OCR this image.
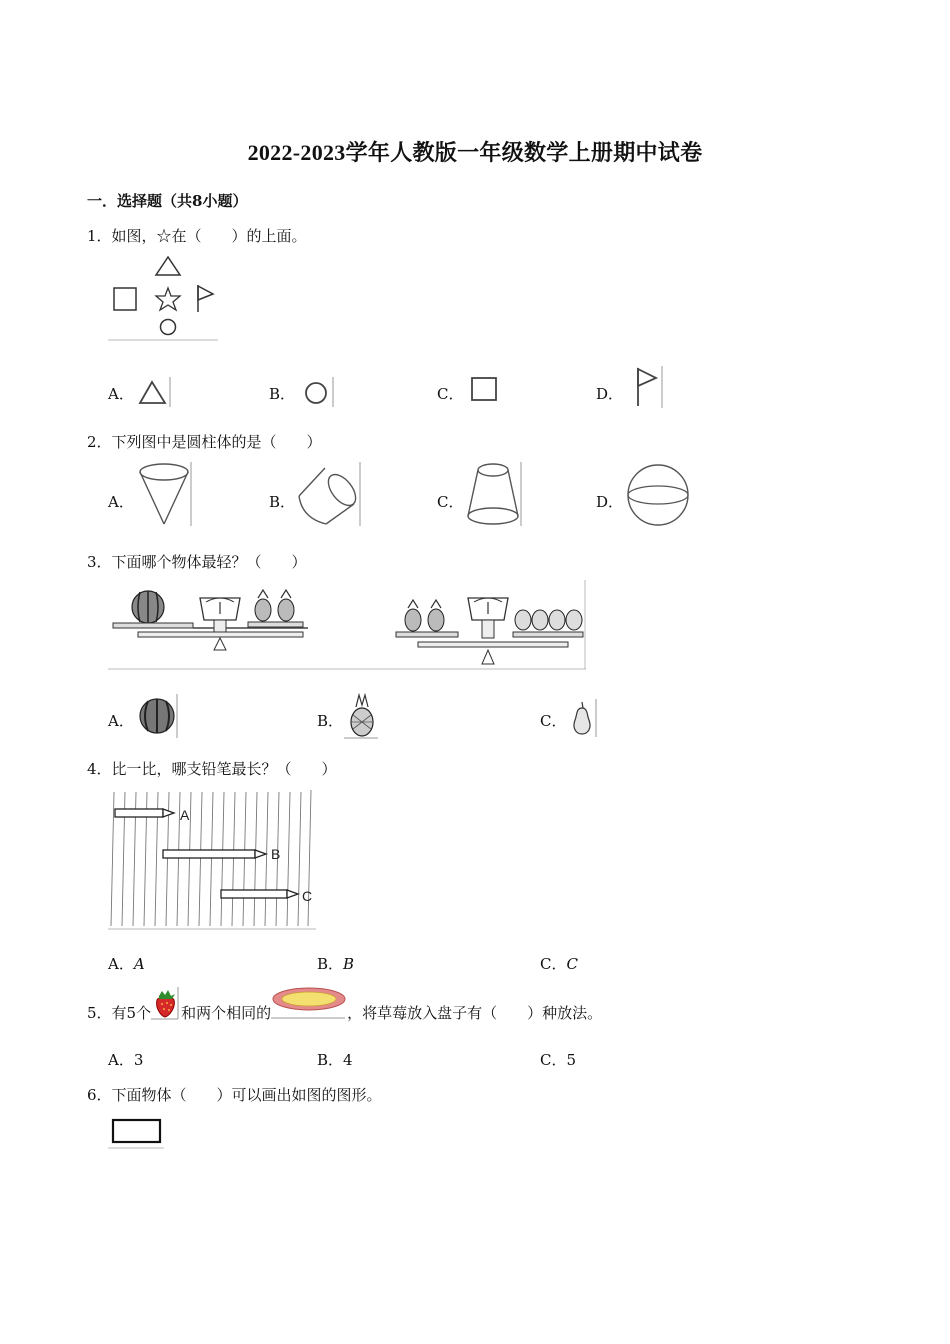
2022-2023学年人教版一年级数学上册期中试卷
一．选择题（共8小题）
1．如图，☆在（　　）的上面。
A．	B．	C．	D．
2．下列图中是圆柱体的是（　　）
A．	B．	C．	D．
3．下面哪个物体最轻？（　　）
A．	B．	C．
4．比一比，哪支铅笔最长？（　　）
A
B
C
A．A	B．B	C．C
5．有5个 和两个相同的	，将草莓放入盘子有（　　）种放法。
A．3	B．4	C．5
6．下面物体（　　）可以画出如图的图形。
